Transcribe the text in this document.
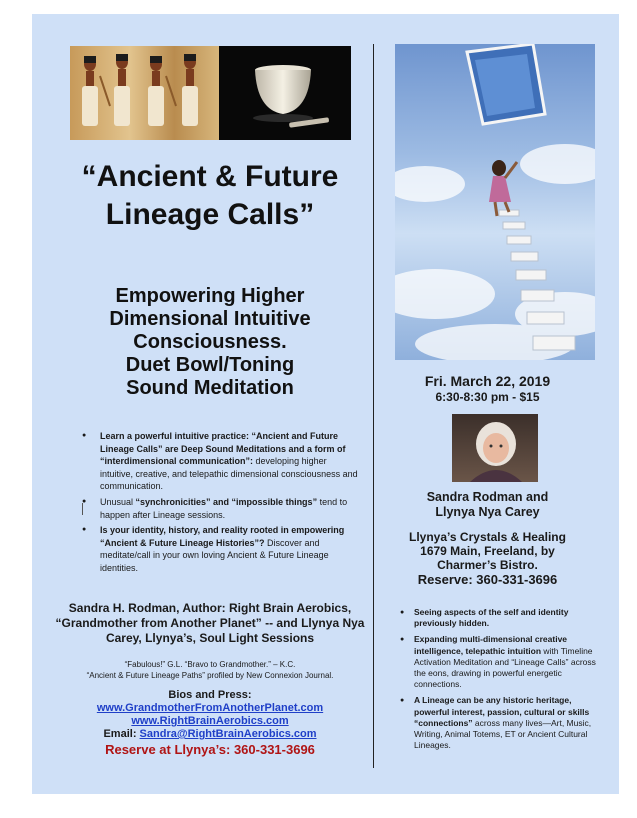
“Ancient & Future Lineage Calls”
Empowering Higher
Dimensional Intuitive
Consciousness.
Duet Bowl/Toning
Sound Meditation
● Learn a powerful intuitive practice: “Ancient and Future Lineage Calls” are Deep Sound Meditations and a form of “interdimensional communication”: developing higher intuitive, creative, and telepathic dimensional consciousness and communication.
● Unusual “synchronicities” and “impossible things” tend to happen after Lineage sessions.
● Is your identity, history, and reality rooted in empowering “Ancient & Future Lineage Histories”? Discover and meditate/call in your own loving Ancient & Future Lineage identities.

Sandra H. Rodman, Author: Right Brain Aerobics, “Grandmother from Another Planet” -- and Llynya Nya Carey, Llynya’s, Soul Light Sessions

“Fabulous!” G.L. “Bravo to Grandmother.” – K.C.
“Ancient & Future Lineage Paths” profiled by New Connexion Journal.
Bios and Press:
www.GrandmotherFromAnotherPlanet.com
www.RightBrainAerobics.com
Email: Sandra@RightBrainAerobics.com
Reserve at Llynya’s: 360-331-3696
Fri. March 22, 2019
6:30-8:30 pm - $15
Sandra Rodman and
Llynya Nya Carey
Llynya’s Crystals & Healing
1679 Main, Freeland, by
Charmer’s Bistro.
Reserve: 360-331-3696
● Seeing aspects of the self and identity previously hidden.
● Expanding multi-dimensional creative intelligence, telepathic intuition with Timeline Activation Meditation and “Lineage Calls” across the eons, drawing in powerful energetic connections.
● A Lineage can be any historic heritage, powerful interest, passion, cultural or skills “connections” across many lives—Art, Music, Writing, Animal Totems, ET or Ancient Cultural Lineages.
